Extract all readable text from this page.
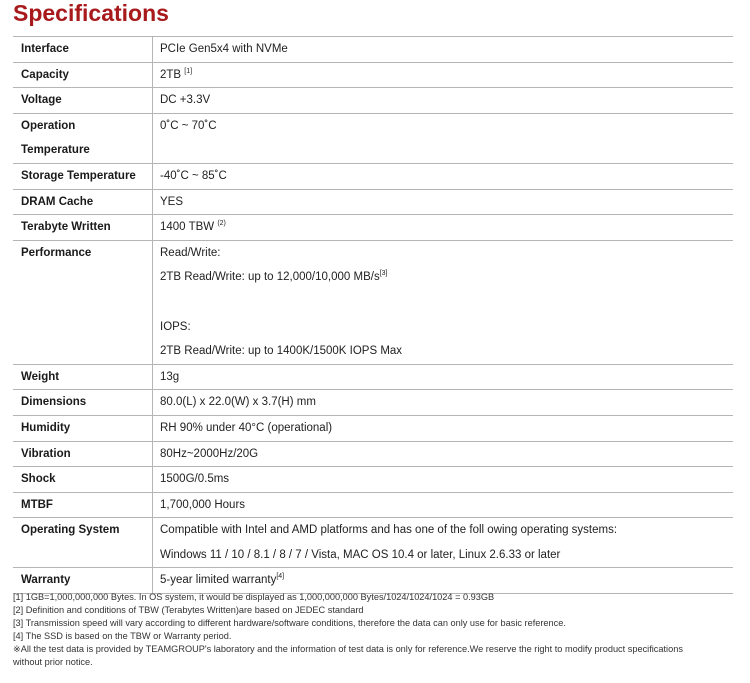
Specifications
Interface	PCIe Gen5x4 with NVMe

Capacity	2TB [1]

Voltage	DC +3.3V

Operation
Temperature	0˚C ~ 70˚C

Storage Temperature	-40˚C ~ 85˚C

DRAM Cache	YES

Terabyte Written	1400 TBW $^{(2)}$

Performance	Read/Write:
2TB Read/Write: up to 12,000/10,000 MB/s[3]
IOPS:
2TB Read/Write: up to 1400K/1500K IOPS Max

Weight	13g

Dimensions	80.0(L) x 22.0(W) x 3.7(H) mm

Humidity	RH 90% under 40°C (operational)

Vibration	80Hz~2000Hz/20G

Shock	1500G/0.5ms

MTBF	1,700,000 Hours

Operating System	Compatible with Intel and AMD platforms and has one of the foll owing operating systems:
Windows 11 / 10 / 8.1 / 8 / 7 / Vista, MAC OS 10.4 or later, Linux 2.6.33 or later

Warranty	5-year limited warranty[4]
[1] 1GB=1,000,000,000 Bytes. In OS system, it would be displayed as 1,000,000,000 Bytes/1024/1024/1024 = 0.93GB
[2] Definition and conditions of TBW (Terabytes Written)are based on JEDEC standard
[3] Transmission speed will vary according to different hardware/software conditions, therefore the data can only use for basic reference.
[4] The SSD is based on the TBW or Warranty period.
※All the test data is provided by TEAMGROUP's laboratory and the information of test data is only for reference.We reserve the right to modify product specifications
without prior notice.
